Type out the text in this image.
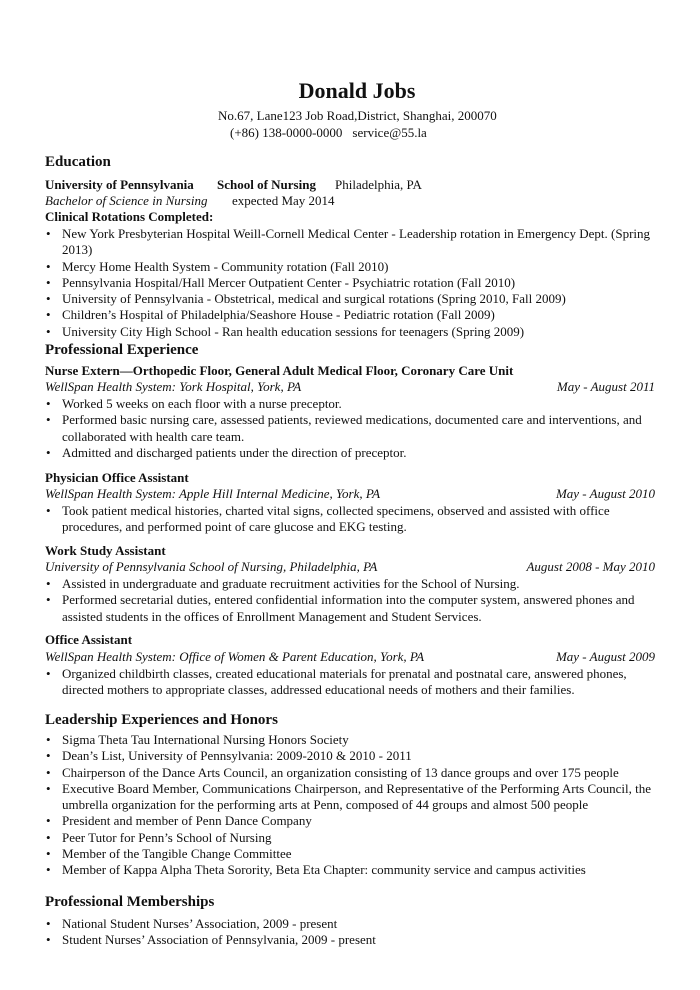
Donald Jobs
No.67, Lane123 Job Road,District, Shanghai, 200070
(+86) 138-0000-0000 service@55.la
Education
University of Pennsylvania School of Nursing Philadelphia, PA
Bachelor of Science in Nursing expected May 2014
Clinical Rotations Completed:
• New York Presbyterian Hospital Weill-Cornell Medical Center - Leadership rotation in Emergency Dept. (Spring 2013)
• Mercy Home Health System - Community rotation (Fall 2010)
• Pennsylvania Hospital/Hall Mercer Outpatient Center - Psychiatric rotation (Fall 2010)
• University of Pennsylvania - Obstetrical, medical and surgical rotations (Spring 2010, Fall 2009)
• Children’s Hospital of Philadelphia/Seashore House - Pediatric rotation (Fall 2009)
• University City High School - Ran health education sessions for teenagers (Spring 2009)
Professional Experience
Nurse Extern—Orthopedic Floor, General Adult Medical Floor, Coronary Care Unit
WellSpan Health System: York Hospital, York, PA	May - August 2011
• Worked 5 weeks on each floor with a nurse preceptor.
• Performed basic nursing care, assessed patients, reviewed medications, documented care and interventions, and collaborated with health care team.
• Admitted and discharged patients under the direction of preceptor.
Physician Office Assistant
WellSpan Health System: Apple Hill Internal Medicine, York, PA	May - August 2010
• Took patient medical histories, charted vital signs, collected specimens, observed and assisted with office procedures, and performed point of care glucose and EKG testing.
Work Study Assistant
University of Pennsylvania School of Nursing, Philadelphia, PA	August 2008 - May 2010
• Assisted in undergraduate and graduate recruitment activities for the School of Nursing.
• Performed secretarial duties, entered confidential information into the computer system, answered phones and assisted students in the offices of Enrollment Management and Student Services.
Office Assistant
WellSpan Health System: Office of Women & Parent Education, York, PA	May - August 2009
• Organized childbirth classes, created educational materials for prenatal and postnatal care, answered phones, directed mothers to appropriate classes, addressed educational needs of mothers and their families.
Leadership Experiences and Honors
• Sigma Theta Tau International Nursing Honors Society
• Dean’s List, University of Pennsylvania: 2009-2010 & 2010 - 2011
• Chairperson of the Dance Arts Council, an organization consisting of 13 dance groups and over 175 people
• Executive Board Member, Communications Chairperson, and Representative of the Performing Arts Council, the umbrella organization for the performing arts at Penn, composed of 44 groups and almost 500 people
• President and member of Penn Dance Company
• Peer Tutor for Penn’s School of Nursing
• Member of the Tangible Change Committee
• Member of Kappa Alpha Theta Sorority, Beta Eta Chapter: community service and campus activities
Professional Memberships
• National Student Nurses’ Association, 2009 - present
• Student Nurses’ Association of Pennsylvania, 2009 - present
